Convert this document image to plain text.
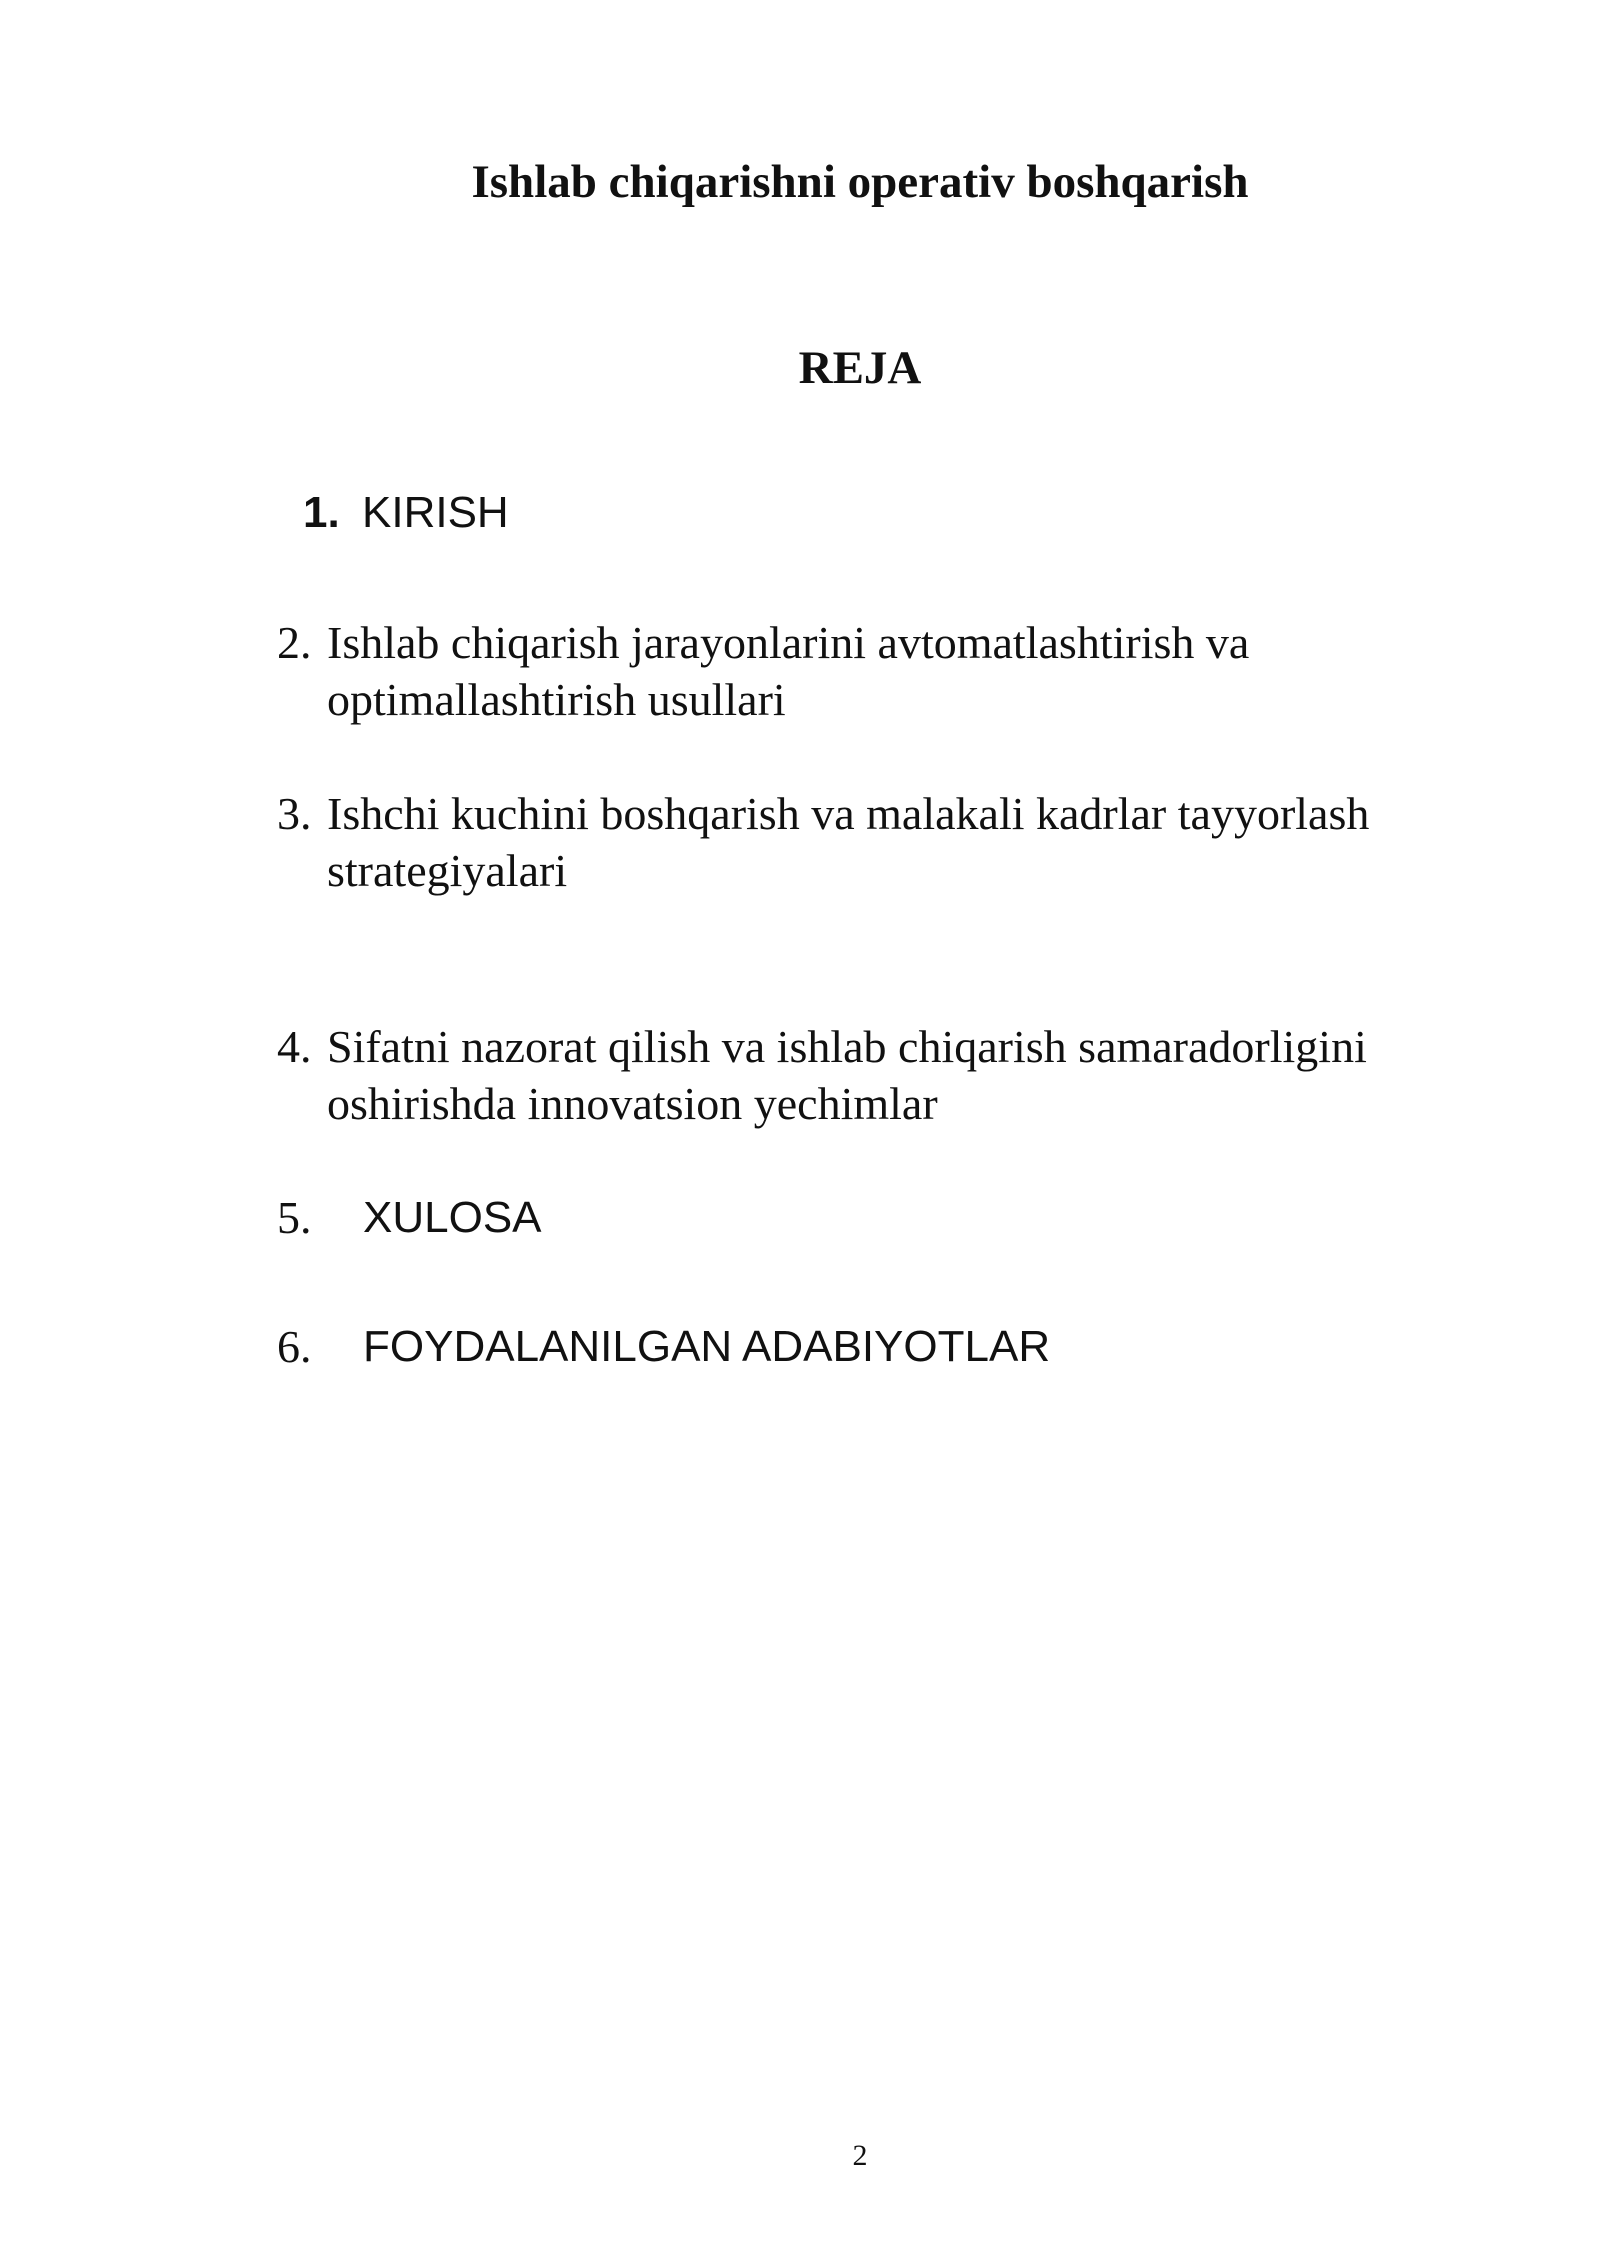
Ishlab chiqarishni operativ boshqarish
REJA
1. KIRISH
2. Ishlab chiqarish jarayonlarini avtomatlashtirish va
optimallashtirish usullari
3. Ishchi kuchini boshqarish va malakali kadrlar tayyorlash
strategiyalari
4. Sifatni nazorat qilish va ishlab chiqarish samaradorligini
oshirishda innovatsion yechimlar
5. XULOSA
6. FOYDALANILGAN ADABIYOTLAR
2
